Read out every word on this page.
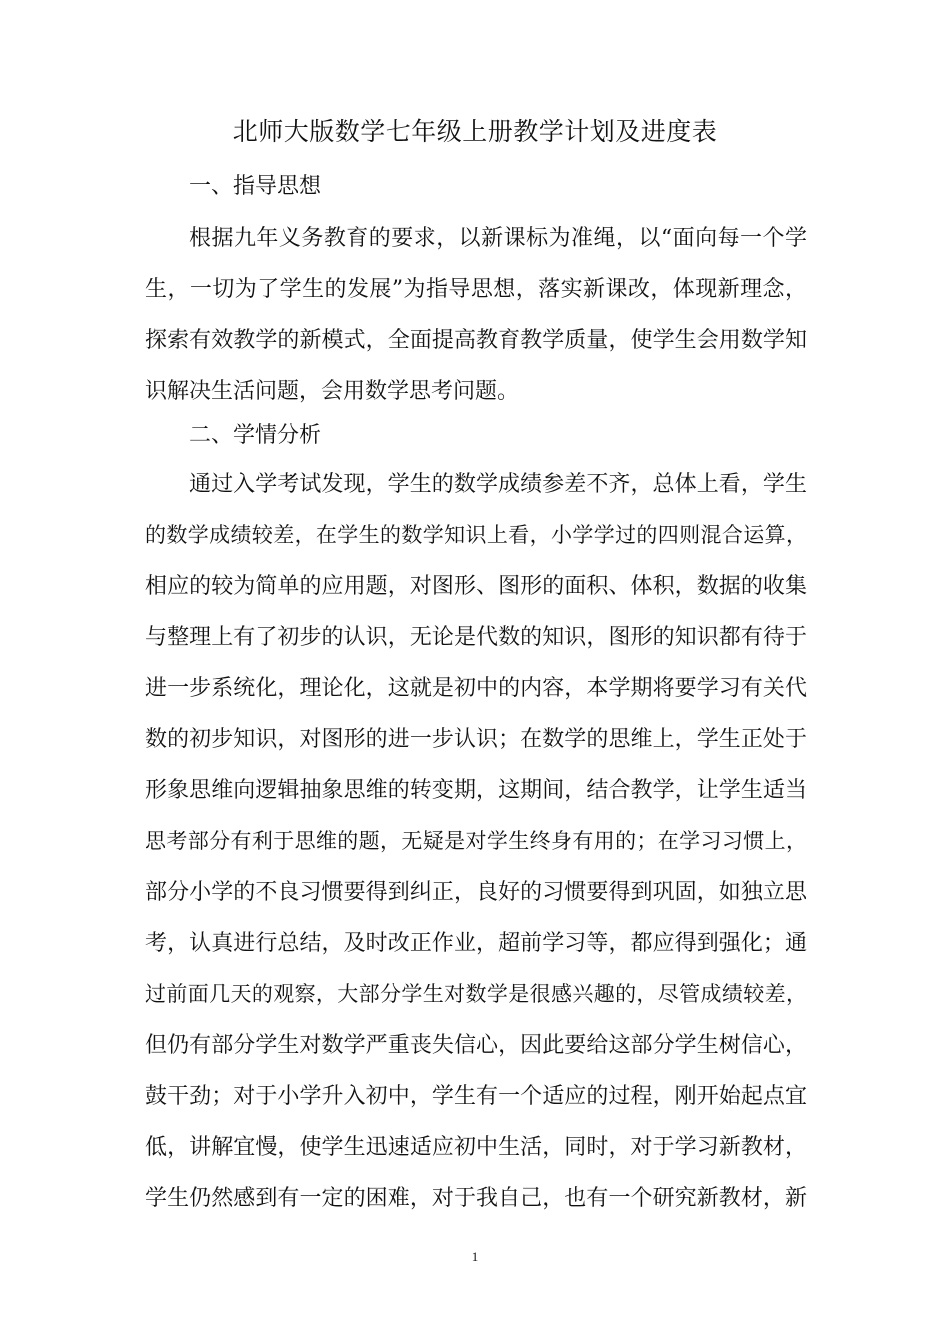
北师大版数学七年级上册教学计划及进度表
一、指导思想
根据九年义务教育的要求，以新课标为准绳，以“面向每一个学
生，一切为了学生的发展”为指导思想，落实新课改，体现新理念，
探索有效教学的新模式，全面提高教育教学质量，使学生会用数学知
识解决生活问题，会用数学思考问题。
二、学情分析
通过入学考试发现，学生的数学成绩参差不齐，总体上看，学生
的数学成绩较差，在学生的数学知识上看，小学学过的四则混合运算，
相应的较为简单的应用题，对图形、图形的面积、体积，数据的收集
与整理上有了初步的认识，无论是代数的知识，图形的知识都有待于
进一步系统化，理论化，这就是初中的内容，本学期将要学习有关代
数的初步知识，对图形的进一步认识；在数学的思维上，学生正处于
形象思维向逻辑抽象思维的转变期，这期间，结合教学，让学生适当
思考部分有利于思维的题，无疑是对学生终身有用的；在学习习惯上，
部分小学的不良习惯要得到纠正，良好的习惯要得到巩固，如独立思
考，认真进行总结，及时改正作业，超前学习等，都应得到强化；通
过前面几天的观察，大部分学生对数学是很感兴趣的，尽管成绩较差，
但仍有部分学生对数学严重丧失信心，因此要给这部分学生树信心，
鼓干劲；对于小学升入初中，学生有一个适应的过程，刚开始起点宜
低，讲解宜慢，使学生迅速适应初中生活，同时，对于学习新教材，
学生仍然感到有一定的困难，对于我自己，也有一个研究新教材，新
1
